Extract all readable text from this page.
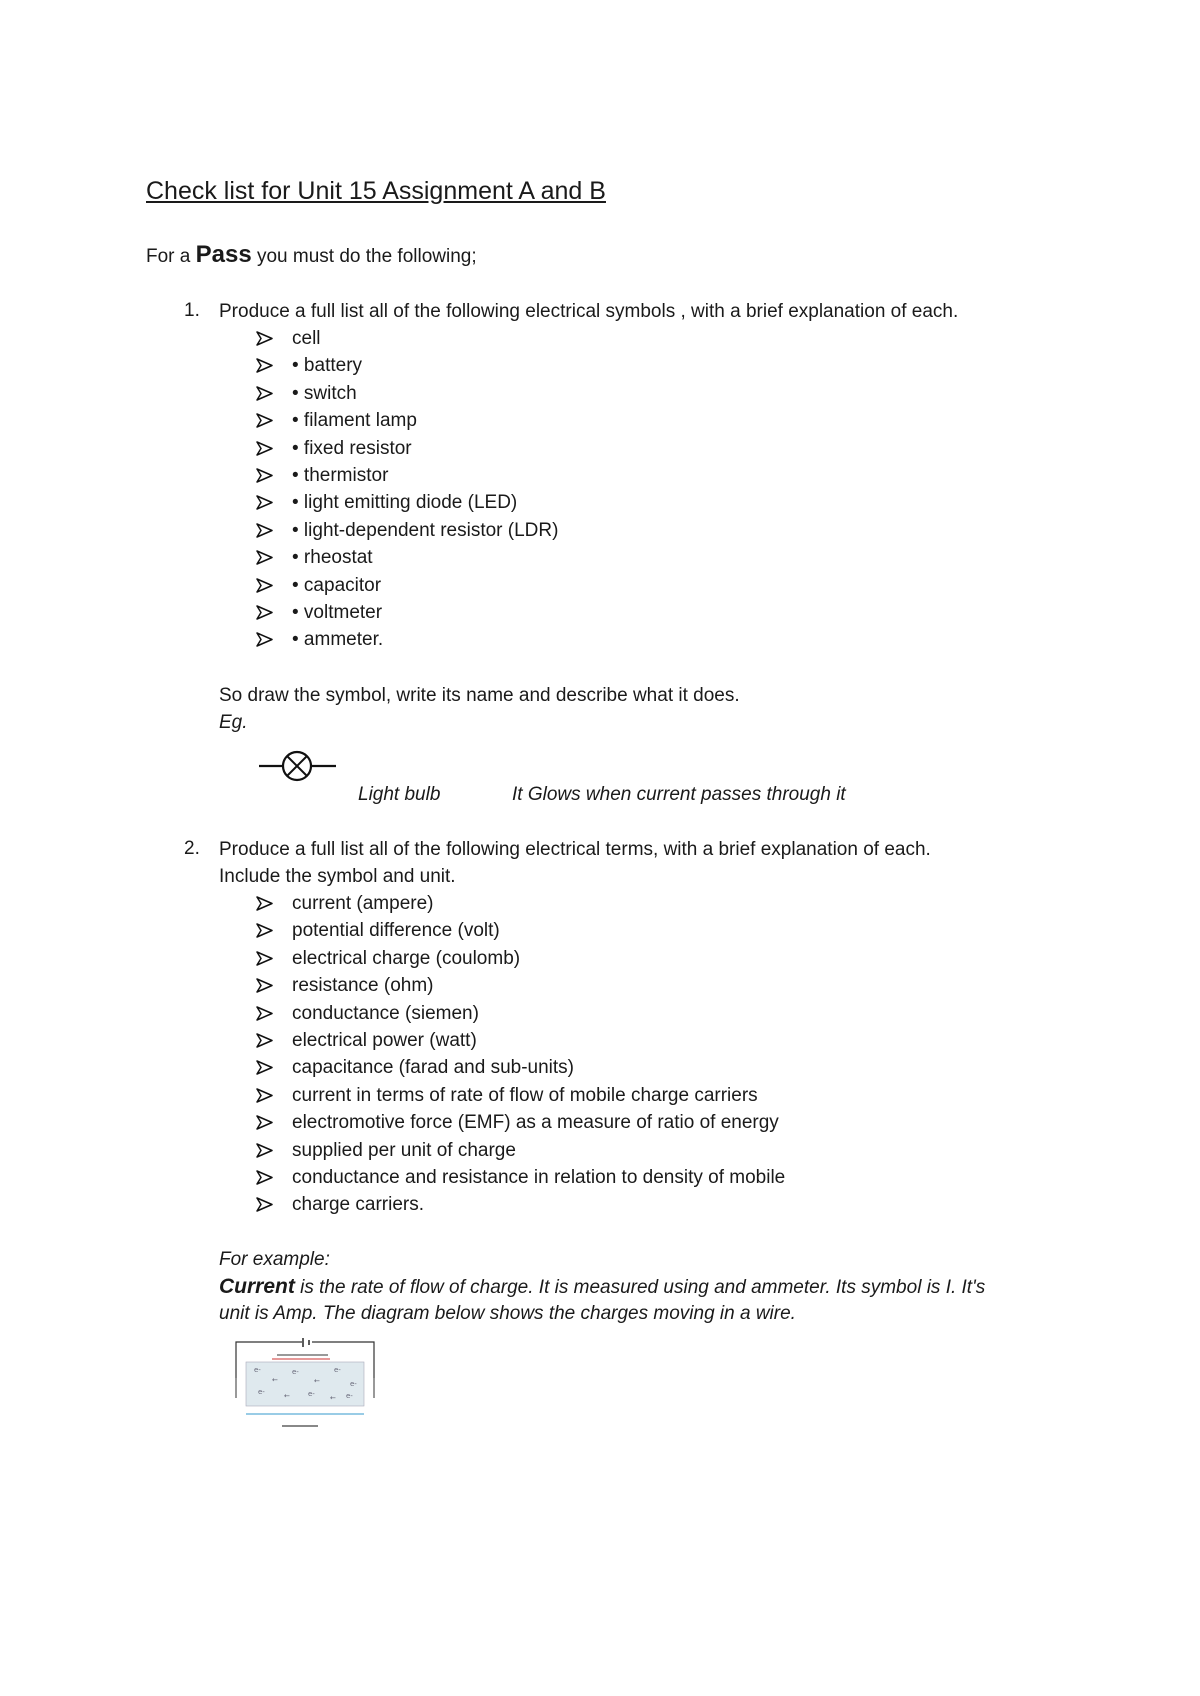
Check list for Unit 15 Assignment A and B
For a Pass you must do the following;
1. Produce a full list all of the following electrical symbols , with a brief explanation of each.
cell
• battery
• switch
• filament lamp
• fixed resistor
• thermistor
• light emitting diode (LED)
• light-dependent resistor (LDR)
• rheostat
• capacitor
• voltmeter
• ammeter.
So draw the symbol, write its name and describe what it does.
Eg.
Light bulb	It Glows when current passes through it
2. Produce a full list all of the following electrical terms, with a brief explanation of each.
Include the symbol and unit.
current (ampere)
potential difference (volt)
electrical charge (coulomb)
resistance (ohm)
conductance (siemen)
electrical power (watt)
capacitance (farad and sub-units)
current in terms of rate of flow of mobile charge carriers
electromotive force (EMF) as a measure of ratio of energy
supplied per unit of charge
conductance and resistance in relation to density of mobile
charge carriers.
For example:
Current is the rate of flow of charge. It is measured using and ammeter. Its symbol is I. It's
unit is Amp. The diagram below shows the charges moving in a wire.
e-
←
e-
←
e-
e-
e-	←	e- ← e-
